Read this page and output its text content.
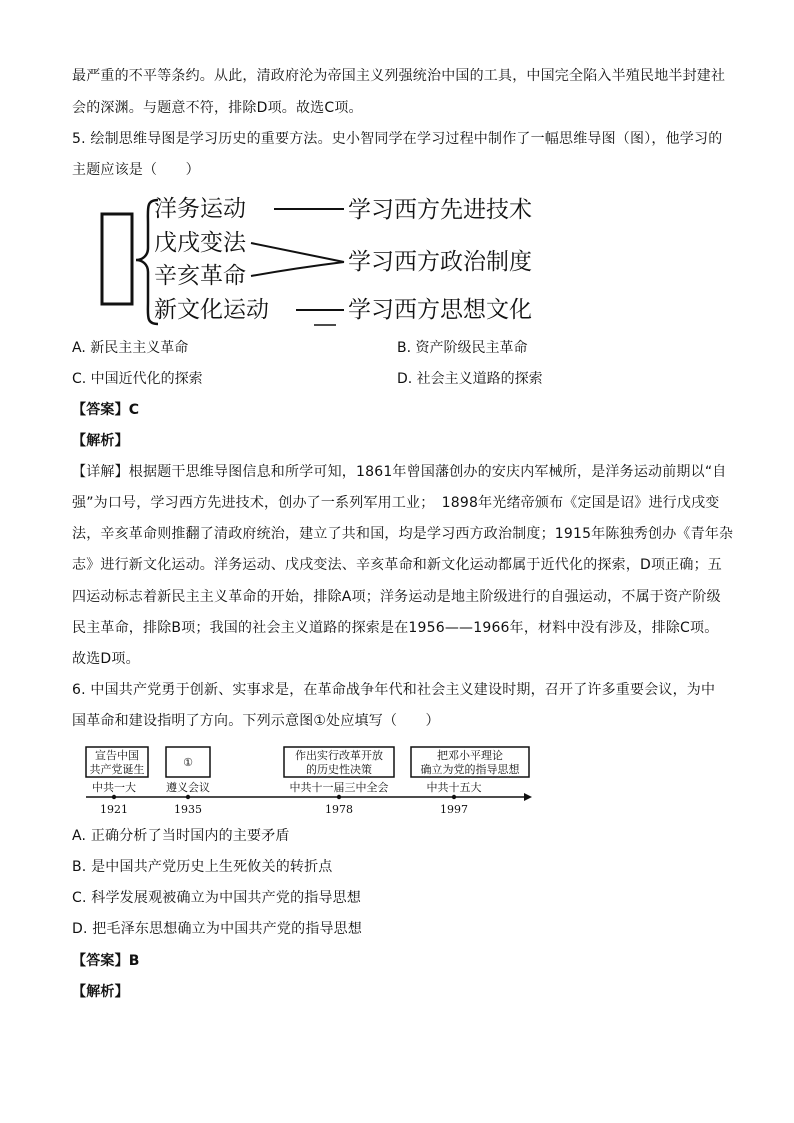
最严重的不平等条约。从此，清政府沦为帝国主义列强统治中国的工具，中国完全陷入半殖民地半封建社
会的深渊。与题意不符，排除D项。故选C项。
5. 绘制思维导图是学习历史的重要方法。史小智同学在学习过程中制作了一幅思维导图（图），他学习的
主题应该是（　　）
洋务运动
戊戌变法
辛亥革命
新文化运动
学习西方先进技术
学习西方政治制度
学习西方思想文化
A. 新民主主义革命	B. 资产阶级民主革命
C. 中国近代化的探索	D. 社会主义道路的探索
【答案】C
【解析】
【详解】根据题干思维导图信息和所学可知，1861年曾国藩创办的安庆内军械所，是洋务运动前期以“自
强”为口号，学习西方先进技术，创办了一系列军用工业；　1898年光绪帝颁布《定国是诏》进行戊戌变
法，辛亥革命则推翻了清政府统治，建立了共和国，均是学习西方政治制度；1915年陈独秀创办《青年杂
志》进行新文化运动。洋务运动、戊戌变法、辛亥革命和新文化运动都属于近代化的探索，D项正确；五
四运动标志着新民主主义革命的开始，排除A项；洋务运动是地主阶级进行的自强运动，不属于资产阶级
民主革命，排除B项；我国的社会主义道路的探索是在1956——1966年，材料中没有涉及，排除C项。
故选D项。
6. 中国共产党勇于创新、实事求是，在革命战争年代和社会主义建设时期，召开了许多重要会议，为中
国革命和建设指明了方向。下列示意图①处应填写（　　）
宣告中国
共产党诞生
①
作出实行改革开放
的历史性决策
把邓小平理论
确立为党的指导思想
中共一大	遵义会议	中共十一届三中全会	中共十五大
1921	1935	1978	1997
A. 正确分析了当时国内的主要矛盾
B. 是中国共产党历史上生死攸关的转折点
C. 科学发展观被确立为中国共产党的指导思想
D. 把毛泽东思想确立为中国共产党的指导思想
【答案】B
【解析】
